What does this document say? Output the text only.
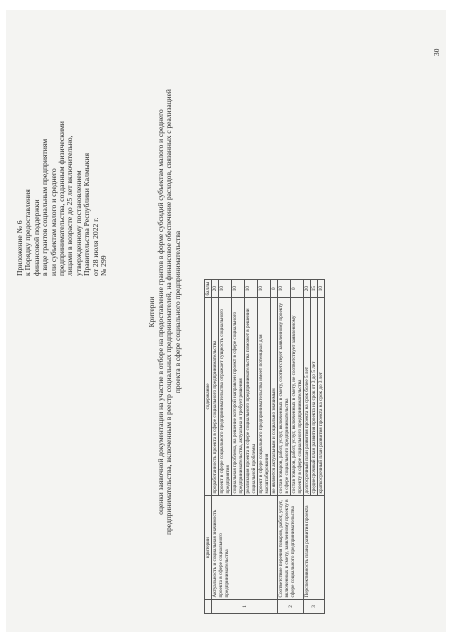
Приложение № 6 к Порядку предоставления финансовой поддержки в виде грантов социальным предприятиям или субъектам малого и среднего предпринимательства, созданным физическими лицами в возрасте до 25 лет включительно, утвержденному постановлением Правительства Республики Калмыкия от 28 июля 2022 г. № 299
Критерии оценки заявочной документации на участие в отборе на предоставление грантов в форме субсидий субъектам малого и среднего предпринимательства, включенным в реестр социальных предпринимателей, на финансовое обеспечение расходов, связанных с реализацией проекта в сфере социального предпринимательства
	критерии	содержание	баллы
1	Актуальность и социальная значимость проекта в сфере социального предпринимательства	проработанность проекта в сфере социального предпринимательства	20
		проект в сфере социального предпринимательства отражает сущность социального предприятия	10
		социальная проблема, на решение которой направлен проект в сфере социального предпринимательства, актуальна и требует решения	10
		реализация проекта в сфере социального предпринимательства поможет в решении социальной проблемы	10
		проект в сфере социального предпринимательства имеет потенциал для масштабирования	10
		не является актуальным и социально значимым	0
2	Соответствие перечня товаров, работ, услуг, включенных в смету, заявленному проекту в сфере социального предпринимательства	состав товаров, работ, услуг, включенных в смету, соответствует заявленному проекту в сфере социального предпринимательства	10
		состав товаров, работ, услуг, включенных в смету, не соответствует заявленному проекту в сфере социального предпринимательства	0
3	Перспективность плана развития проекта	долгосрочный план развития проекта на срок более 5 лет	20
		среднесрочный план развития проекта на срок от 3 до 5 лет	15
		краткосрочный план развития проекта на срок до 3 лет	10
30
